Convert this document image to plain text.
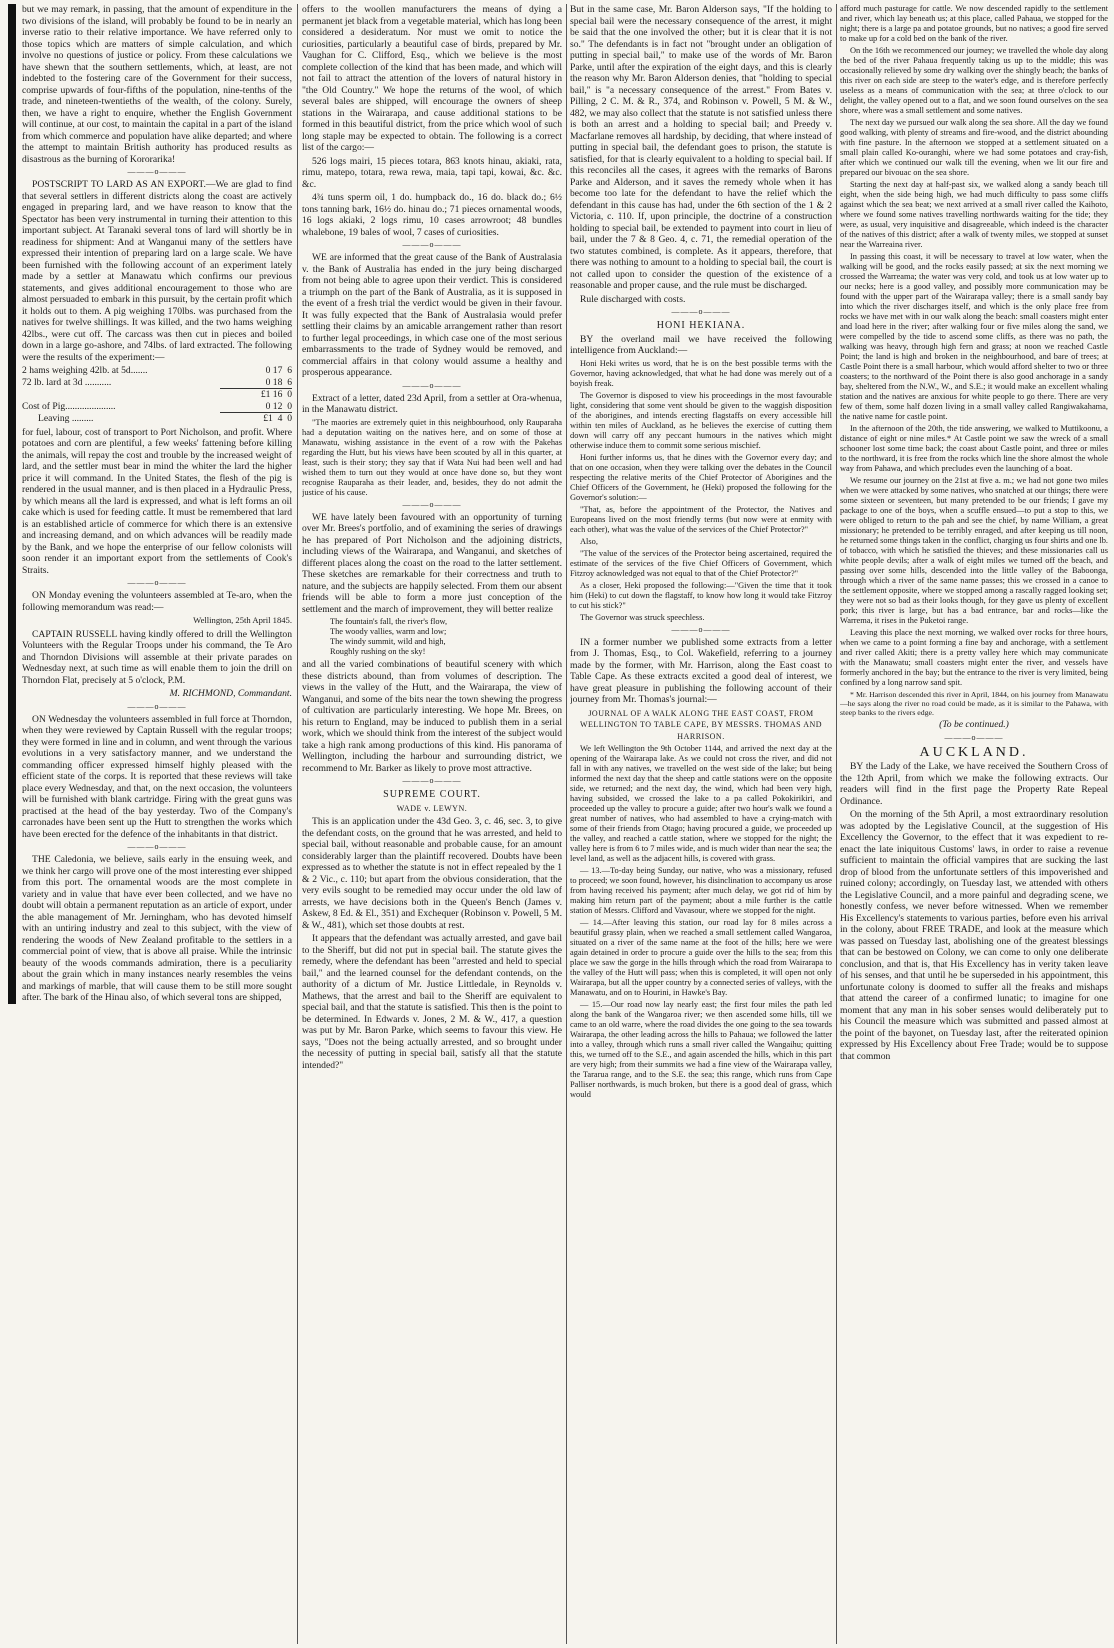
but we may remark, in passing, that the amount of expenditure in the two divisions of the island, will probably be found to be in nearly an inverse ratio to their relative importance. We have referred only to those topics which are matters of simple calculation, and which involve no questions of justice or policy. From these calculations we have shewn that the southern settlements, which, at least, are not indebted to the fostering care of the Government for their success, comprise upwards of four-fifths of the population, nine-tenths of the trade, and nineteen-twentieths of the wealth, of the colony. Surely, then, we have a right to enquire, whether the English Government will continue, at our cost, to maintain the capital in a part of the island from which commerce and population have alike departed; and where the attempt to maintain British authority has produced results as disastrous as the burning of Kororarika!

———o———

POSTSCRIPT TO LARD AS AN EXPORT.—We are glad to find that several settlers in different districts along the coast are actively engaged in preparing lard, and we have reason to know that the Spectator has been very instrumental in turning their attention to this important subject. At Taranaki several tons of lard will shortly be in readiness for shipment: And at Wanganui many of the settlers have expressed their intention of preparing lard on a large scale. We have been furnished with the following account of an experiment lately made by a settler at Manawatu which confirms our previous statements, and gives additional encouragement to those who are almost persuaded to embark in this pursuit, by the certain profit which it holds out to them. A pig weighing 170lbs. was purchased from the natives for twelve shillings. It was killed, and the two hams weighing 42lbs., were cut off. The carcass was then cut in pieces and boiled down in a large go-ashore, and 74lbs. of lard extracted. The following were the results of the experiment:—

2 hams weighing 42lb. at 5d.......	0 17  6
72 lb. lard at 3d ...........	0 18  6
	£1 16  0
Cost of Pig.....................	0 12  0
Leaving .........	£1  4  0

for fuel, labour, cost of transport to Port Nicholson, and profit. Where potatoes and corn are plentiful, a few weeks' fattening before killing the animals, will repay the cost and trouble by the increased weight of lard, and the settler must bear in mind the whiter the lard the higher price it will command. In the United States, the flesh of the pig is rendered in the usual manner, and is then placed in a Hydraulic Press, by which means all the lard is expressed, and what is left forms an oil cake which is used for feeding cattle. It must be remembered that lard is an established article of commerce for which there is an extensive and increasing demand, and on which advances will be readily made by the Bank, and we hope the enterprise of our fellow colonists will soon render it an important export from the settlements of Cook's Straits.

———o———

ON Monday evening the volunteers assembled at Te-aro, when the following memorandum was read:—

Wellington, 25th April 1845.

CAPTAIN RUSSELL having kindly offered to drill the Wellington Volunteers with the Regular Troops under his command, the Te Aro and Thorndon Divisions will assemble at their private parades on Wednesday next, at such time as will enable them to join the drill on Thorndon Flat, precisely at 5 o'clock, P.M.

M. RICHMOND, Commandant.
———o———

ON Wednesday the volunteers assembled in full force at Thorndon, when they were reviewed by Captain Russell with the regular troops; they were formed in line and in column, and went through the various evolutions in a very satisfactory manner, and we understand the commanding officer expressed himself highly pleased with the efficient state of the corps. It is reported that these reviews will take place every Wednesday, and that, on the next occasion, the volunteers will be furnished with blank cartridge. Firing with the great guns was practised at the head of the bay yesterday. Two of the Company's carronades have been sent up the Hutt to strengthen the works which have been erected for the defence of the inhabitants in that district.

———o———

THE Caledonia, we believe, sails early in the ensuing week, and we think her cargo will prove one of the most interesting ever shipped from this port. The ornamental woods are the most complete in variety and in value that have ever been collected, and we have no doubt will obtain a permanent reputation as an article of export, under the able management of Mr. Jerningham, who has devoted himself with an untiring industry and zeal to this subject, with the view of rendering the woods of New Zealand profitable to the settlers in a commercial point of view, that is above all praise. While the intrinsic beauty of the woods commands admiration, there is a peculiarity about the grain which in many instances nearly resembles the veins and markings of marble, that will cause them to be still more sought after. The bark of the Hinau also, of which several tons are shipped,

offers to the woollen manufacturers the means of dying a permanent jet black from a vegetable material, which has long been considered a desideratum. Nor must we omit to notice the curiosities, particularly a beautiful case of birds, prepared by Mr. Vaughan for C. Clifford, Esq., which we believe is the most complete collection of the kind that has been made, and which will not fail to attract the attention of the lovers of natural history in "the Old Country." We hope the returns of the wool, of which several bales are shipped, will encourage the owners of sheep stations in the Wairarapa, and cause additional stations to be formed in this beautiful district, from the price which wool of such long staple may be expected to obtain. The following is a correct list of the cargo:—

526 logs mairi, 15 pieces totara, 863 knots hinau, akiaki, rata, rimu, matepo, totara, rewa rewa, maia, tapi tapi, kowai, &c. &c. &c.

4¾ tuns sperm oil, 1 do. humpback do., 16 do. black do.; 6½ tons tanning bark, 16½ do. hinau do.; 71 pieces ornamental woods, 16 logs akiaki, 2 logs rimu, 10 cases arrowroot; 48 bundles whalebone, 19 bales of wool, 7 cases of curiosities.

———o———

WE are informed that the great cause of the Bank of Australasia v. the Bank of Australia has ended in the jury being discharged from not being able to agree upon their verdict. This is considered a triumph on the part of the Bank of Australia, as it is supposed in the event of a fresh trial the verdict would be given in their favour. It was fully expected that the Bank of Australasia would prefer settling their claims by an amicable arrangement rather than resort to further legal proceedings, in which case one of the most serious embarrassments to the trade of Sydney would be removed, and commercial affairs in that colony would assume a healthy and prosperous appearance.

———o———

Extract of a letter, dated 23d April, from a settler at Ora-whenua, in the Manawatu district.

"The maories are extremely quiet in this neighbourhood, only Rauparaha had a deputation waiting on the natives here, and on some of those at Manawatu, wishing assistance in the event of a row with the Pakehas regarding the Hutt, but his views have been scouted by all in this quarter, at least, such is their story; they say that if Wata Nui had been well and had wished them to turn out they would at once have done so, but they wont recognise Rauparaha as their leader, and, besides, they do not admit the justice of his cause.

———o———

WE have lately been favoured with an opportunity of turning over Mr. Brees's portfolio, and of examining the series of drawings he has prepared of Port Nicholson and the adjoining districts, including views of the Wairarapa, and Wanganui, and sketches of different places along the coast on the road to the latter settlement. These sketches are remarkable for their correctness and truth to nature, and the subjects are happily selected. From them our absent friends will be able to form a more just conception of the settlement and the march of improvement, they will better realize

The fountain's fall, the river's flow,
The woody vallies, warm and low;
The windy summit, wild and high,
Roughly rushing on the sky!

and all the varied combinations of beautiful scenery with which these districts abound, than from volumes of description. The views in the valley of the Hutt, and the Wairarapa, the view of Wanganui, and some of the bits near the town shewing the progress of cultivation are particularly interesting. We hope Mr. Brees, on his return to England, may be induced to publish them in a serial work, which we should think from the interest of the subject would take a high rank among productions of this kind. His panorama of Wellington, including the harbour and surrounding district, we recommend to Mr. Barker as likely to prove most attractive.

———o———
SUPREME COURT.
WADE v. LEWYN.

This is an application under the 43d Geo. 3, c. 46, sec. 3, to give the defendant costs, on the ground that he was arrested, and held to special bail, without reasonable and probable cause, for an amount considerably larger than the plaintiff recovered. Doubts have been expressed as to whether the statute is not in effect repealed by the 1 & 2 Vic., c. 110; but apart from the obvious consideration, that the very evils sought to be remedied may occur under the old law of arrests, we have decisions both in the Queen's Bench (James v. Askew, 8 Ed. & El., 351) and Exchequer (Robinson v. Powell, 5 M. & W., 481), which set those doubts at rest.

It appears that the defendant was actually arrested, and gave bail to the Sheriff, but did not put in special bail. The statute gives the remedy, where the defendant has been "arrested and held to special bail," and the learned counsel for the defendant contends, on the authority of a dictum of Mr. Justice Littledale, in Reynolds v. Mathews, that the arrest and bail to the Sheriff are equivalent to special bail, and that the statute is satisfied. This then is the point to be determined. In Edwards v. Jones, 2 M. & W., 417, a question was put by Mr. Baron Parke, which seems to favour this view. He says, "Does not the being actually arrested, and so brought under the necessity of putting in special bail, satisfy all that the statute intended?"

But in the same case, Mr. Baron Alderson says, "If the holding to special bail were the necessary consequence of the arrest, it might be said that the one involved the other; but it is clear that it is not so." The defendants is in fact not "brought under an obligation of putting in special bail," to make use of the words of Mr. Baron Parke, until after the expiration of the eight days, and this is clearly the reason why Mr. Baron Alderson denies, that "holding to special bail," is "a necessary consequence of the arrest." From Bates v. Pilling, 2 C. M. & R., 374, and Robinson v. Powell, 5 M. & W., 482, we may also collect that the statute is not satisfied unless there is both an arrest and a holding to special bail; and Preedy v. Macfarlane removes all hardship, by deciding, that where instead of putting in special bail, the defendant goes to prison, the statute is satisfied, for that is clearly equivalent to a holding to special bail. If this reconciles all the cases, it agrees with the remarks of Barons Parke and Alderson, and it saves the remedy whole when it has become too late for the defendant to have the relief which the defendant in this cause has had, under the 6th section of the 1 & 2 Victoria, c. 110. If, upon principle, the doctrine of a construction holding to special bail, be extended to payment into court in lieu of bail, under the 7 & 8 Geo. 4, c. 71, the remedial operation of the two statutes combined, is complete. As it appears, therefore, that there was nothing to amount to a holding to special bail, the court is not called upon to consider the question of the existence of a reasonable and proper cause, and the rule must be discharged.

Rule discharged with costs.

———o———
HONI HEKIANA.

BY the overland mail we have received the following intelligence from Auckland:—

Honi Heki writes us word, that he is on the best possible terms with the Governor, having acknowledged, that what he had done was merely out of a boyish freak.

The Governor is disposed to view his proceedings in the most favourable light, considering that some vent should be given to the waggish disposition of the aborigines, and intends erecting flagstaffs on every accessible hill within ten miles of Auckland, as he believes the exercise of cutting them down will carry off any peccant humours in the natives which might otherwise induce them to commit some serious mischief.

Honi further informs us, that he dines with the Governor every day; and that on one occasion, when they were talking over the debates in the Council respecting the relative merits of the Chief Protector of Aborigines and the Chief Officers of the Government, he (Heki) proposed the following for the Governor's solution:—

"That, as, before the appointment of the Protector, the Natives and Europeans lived on the most friendly terms (but now were at enmity with each other), what was the value of the services of the Chief Protector?"

Also,

"The value of the services of the Protector being ascertained, required the estimate of the services of the five Chief Officers of Government, which Fitzroy acknowledged was not equal to that of the Chief Protector?"

As a closer, Heki proposed the following:—"Given the time that it took him (Heki) to cut down the flagstaff, to know how long it would take Fitzroy to cut his stick?"

The Governor was struck speechless.

———o———

IN a former number we published some extracts from a letter from J. Thomas, Esq., to Col. Wakefield, referring to a journey made by the former, with Mr. Harrison, along the East coast to Table Cape. As these extracts excited a good deal of interest, we have great pleasure in publishing the following account of their journey from Mr. Thomas's journal:—

JOURNAL OF A WALK ALONG THE EAST COAST, FROM WELLINGTON TO TABLE CAPE, BY MESSRS. THOMAS AND HARRISON.

We left Wellington the 9th October 1144, and arrived the next day at the opening of the Wairarapa lake. As we could not cross the river, and did not fall in with any natives, we travelled on the west side of the lake; but being informed the next day that the sheep and cattle stations were on the opposite side, we returned; and the next day, the wind, which had been very high, having subsided, we crossed the lake to a pa called Pokokirikiri, and proceeded up the valley to procure a guide; after two hour's walk we found a great number of natives, who had assembled to have a crying-match with some of their friends from Otago; having procured a guide, we proceeded up the valley, and reached a cattle station, where we stopped for the night; the valley here is from 6 to 7 miles wide, and is much wider than near the sea; the level land, as well as the adjacent hills, is covered with grass.

— 13.—To-day being Sunday, our native, who was a missionary, refused to proceed; we soon found, however, his disinclination to accompany us arose from having received his payment; after much delay, we got rid of him by making him return part of the payment; about a mile further is the cattle station of Messrs. Clifford and Vavasour, where we stopped for the night.

— 14.—After leaving this station, our road lay for 8 miles across a beautiful grassy plain, when we reached a small settlement called Wangaroa, situated on a river of the same name at the foot of the hills; here we were again detained in order to procure a guide over the hills to the sea; from this place we saw the gorge in the hills through which the road from Wairarapa to the valley of the Hutt will pass; when this is completed, it will open not only Wairarapa, but all the upper country by a connected series of valleys, with the Manawatu, and on to Hourini, in Hawke's Bay.

— 15.—Our road now lay nearly east; the first four miles the path led along the bank of the Wangaroa river; we then ascended some hills, till we came to an old warre, where the road divides the one going to the sea towards Wairarapa, the other leading across the hills to Pahaua; we followed the latter into a valley, through which runs a small river called the Wangaihu; quitting this, we turned off to the S.E., and again ascended the hills, which in this part are very high; from their summits we had a fine view of the Wairarapa valley, the Tararua range, and to the S.E. the sea; this range, which runs from Cape Palliser northwards, is much broken, but there is a good deal of grass, which would

afford much pasturage for cattle. We now descended rapidly to the settlement and river, which lay beneath us; at this place, called Pahaua, we stopped for the night; there is a large pa and potatoe grounds, but no natives; a good fire served to make up for a cold bed on the bank of the river.

On the 16th we recommenced our journey; we travelled the whole day along the bed of the river Pahaua frequently taking us up to the middle; this was occasionally relieved by some dry walking over the shingly beach; the banks of this river on each side are steep to the water's edge, and is therefore perfectly useless as a means of communication with the sea; at three o'clock to our delight, the valley opened out to a flat, and we soon found ourselves on the sea shore, where was a small settlement and some natives.

The next day we pursued our walk along the sea shore. All the day we found good walking, with plenty of streams and fire-wood, and the district abounding with fine pasture. In the afternoon we stopped at a settlement situated on a small plain called Ko-ouranghi, where we had some potatoes and cray-fish, after which we continued our walk till the evening, when we lit our fire and prepared our bivouac on the sea shore.

Starting the next day at half-past six, we walked along a sandy beach till eight, when the side being high, we had much difficulty to pass some cliffs against which the sea beat; we next arrived at a small river called the Kaihoto, where we found some natives travelling northwards waiting for the tide; they were, as usual, very inquisitive and disagreeable, which indeed is the character of the natives of this district; after a walk of twenty miles, we stopped at sunset near the Warreaina river.

In passing this coast, it will be necessary to travel at low water, when the walking will be good, and the rocks easily passed; at six the next morning we crossed the Warreama; the water was very cold, and took us at low water up to our necks; here is a good valley, and possibly more communication may be found with the upper part of the Wairarapa valley; there is a small sandy bay into which the river discharges itself, and which is the only place free from rocks we have met with in our walk along the beach: small coasters might enter and load here in the river; after walking four or five miles along the sand, we were compelled by the tide to ascend some cliffs, as there was no path, the walking was heavy, through high fern and grass; at noon we reached Castle Point; the land is high and broken in the neighbourhood, and bare of trees; at Castle Point there is a small harbour, which would afford shelter to two or three coasters; to the northward of the Point there is also good anchorage in a sandy bay, sheltered from the N.W., W., and S.E.; it would make an excellent whaling station and the natives are anxious for white people to go there. There are very few of them, some half dozen living in a small valley called Rangiwakahama, the native name for castle point.

In the afternoon of the 20th, the tide answering, we walked to Muttikoonu, a distance of eight or nine miles.* At Castle point we saw the wreck of a small schooner lost some time back; the coast about Castle point, and three or miles to the northward, it is free from the rocks which line the shore almost the whole way from Pahawa, and which precludes even the launching of a boat.

We resume our journey on the 21st at five a. m.; we had not gone two miles when we were attacked by some natives, who snatched at our things; there were some sixteen or seventeen, but many pretended to be our friends; I gave my package to one of the boys, when a scuffle ensued—to put a stop to this, we were obliged to return to the pah and see the chief, by name William, a great missionary; he pretended to be terribly enraged, and after keeping us till noon, he returned some things taken in the conflict, charging us four shirts and one lb. of tobacco, with which he satisfied the thieves; and these missionaries call us white people devils; after a walk of eight miles we turned off the beach, and passing over some hills, descended into the little valley of the Baboonga, through which a river of the same name passes; this we crossed in a canoe to the settlement opposite, where we stopped among a rascally ragged looking set; they were not so bad as their looks though, for they gave us plenty of excellent pork; this river is large, but has a bad entrance, bar and rocks—like the Warrema, it rises in the Puketoi range.

Leaving this place the next morning, we walked over rocks for three hours, when we came to a point forming a fine bay and anchorage, with a settlement and river called Akiti; there is a pretty valley here which may communicate with the Manawatu; small coasters might enter the river, and vessels have formerly anchored in the bay; but the entrance to the river is very limited, being confined by a long narrow sand spit.

* Mr. Harrison descended this river in April, 1844, on his journey from Manawatu—he says along the river no road could be made, as it is similar to the Pahawa, with steep banks to the rivers edge.

(To be continued.)
———o———
AUCKLAND.

BY the Lady of the Lake, we have received the Southern Cross of the 12th April, from which we make the following extracts. Our readers will find in the first page the Property Rate Repeal Ordinance.

On the morning of the 5th April, a most extraordinary resolution was adopted by the Legislative Council, at the suggestion of His Excellency the Governor, to the effect that it was expedient to re-enact the late iniquitous Customs' laws, in order to raise a revenue sufficient to maintain the official vampires that are sucking the last drop of blood from the unfortunate settlers of this impoverished and ruined colony; accordingly, on Tuesday last, we attended with others the Legislative Council, and a more painful and degrading scene, we honestly confess, we never before witnessed. When we remember His Excellency's statements to various parties, before even his arrival in the colony, about FREE TRADE, and look at the measure which was passed on Tuesday last, abolishing one of the greatest blessings that can be bestowed on Colony, we can come to only one deliberate conclusion, and that is, that His Excellency has in verity taken leave of his senses, and that until he be superseded in his appointment, this unfortunate colony is doomed to suffer all the freaks and mishaps that attend the career of a confirmed lunatic; to imagine for one moment that any man in his sober senses would deliberately put to his Council the measure which was submitted and passed almost at the point of the bayonet, on Tuesday last, after the reiterated opinion expressed by His Excellency about Free Trade; would be to suppose that common
